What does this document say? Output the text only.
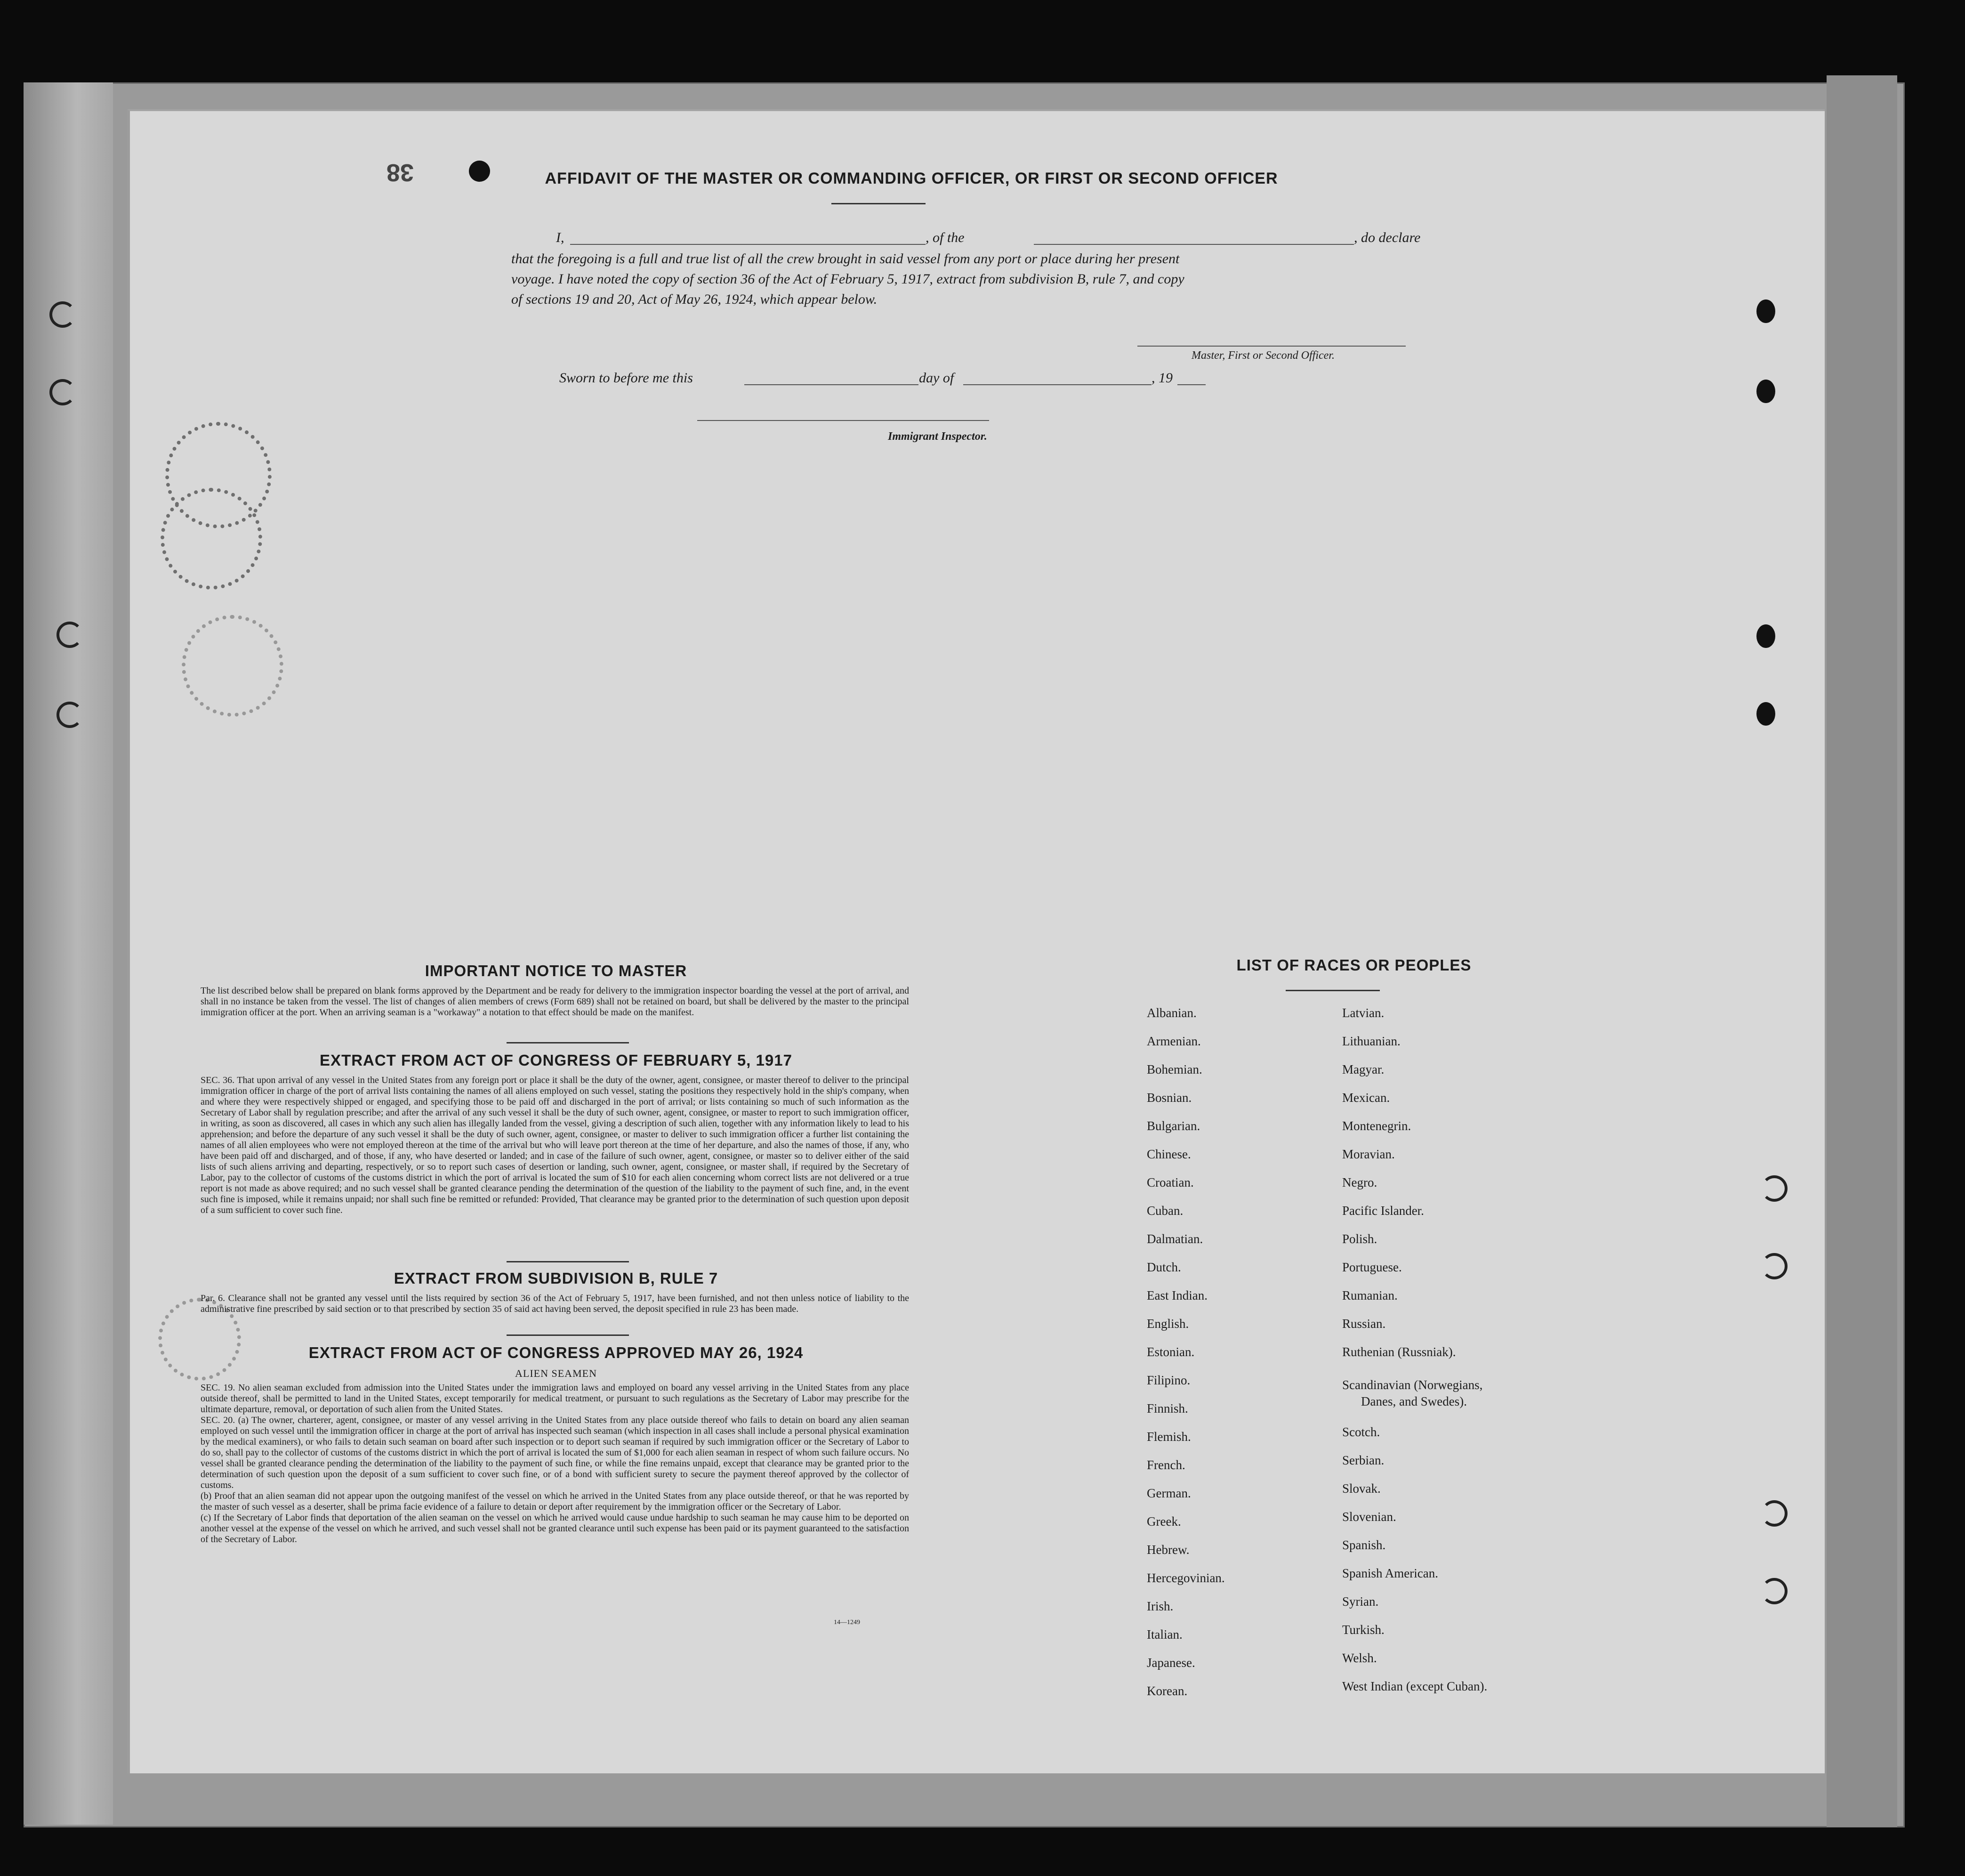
38	AFFIDAVIT OF THE MASTER OR COMMANDING OFFICER, OR FIRST OR SECOND OFFICER
I,	, of the	, do declare
that the foregoing is a full and true list of all the crew brought in said vessel from any port or place during her present
voyage. I have noted the copy of section 36 of the Act of February 5, 1917, extract from subdivision B, rule 7, and copy
of sections 19 and 20, Act of May 26, 1924, which appear below.
Master, First or Second Officer.
Sworn to before me this	day of	, 19
Immigrant Inspector.
IMPORTANT NOTICE TO MASTER
The list described below shall be prepared on blank forms approved by the Department and be ready for delivery to the immigration inspector boarding the vessel at the port of arrival, and shall in no instance be taken from the vessel. The list of changes of alien members of crews (Form 689) shall not be retained on board, but shall be delivered by the master to the principal immigration officer at the port. When an arriving seaman is a "workaway" a notation to that effect should be made on the manifest.
EXTRACT FROM ACT OF CONGRESS OF FEBRUARY 5, 1917
SEC. 36. That upon arrival of any vessel in the United States from any foreign port or place it shall be the duty of the owner, agent, consignee, or master thereof to deliver to the principal immigration officer in charge of the port of arrival lists containing the names of all aliens employed on such vessel, stating the positions they respectively hold in the ship's company, when and where they were respectively shipped or engaged, and specifying those to be paid off and discharged in the port of arrival; or lists containing so much of such information as the Secretary of Labor shall by regulation prescribe; and after the arrival of any such vessel it shall be the duty of such owner, agent, consignee, or master to report to such immigration officer, in writing, as soon as discovered, all cases in which any such alien has illegally landed from the vessel, giving a description of such alien, together with any information likely to lead to his apprehension; and before the departure of any such vessel it shall be the duty of such owner, agent, consignee, or master to deliver to such immigration officer a further list containing the names of all alien employees who were not employed thereon at the time of the arrival but who will leave port thereon at the time of her departure, and also the names of those, if any, who have been paid off and discharged, and of those, if any, who have deserted or landed; and in case of the failure of such owner, agent, consignee, or master so to deliver either of the said lists of such aliens arriving and departing, respectively, or so to report such cases of desertion or landing, such owner, agent, consignee, or master shall, if required by the Secretary of Labor, pay to the collector of customs of the customs district in which the port of arrival is located the sum of $10 for each alien concerning whom correct lists are not delivered or a true report is not made as above required; and no such vessel shall be granted clearance pending the determination of the question of the liability to the payment of such fine, and, in the event such fine is imposed, while it remains unpaid; nor shall such fine be remitted or refunded: Provided, That clearance may be granted prior to the determination of such question upon deposit of a sum sufficient to cover such fine.
EXTRACT FROM SUBDIVISION B, RULE 7
Par. 6. Clearance shall not be granted any vessel until the lists required by section 36 of the Act of February 5, 1917, have been furnished, and not then unless notice of liability to the administrative fine prescribed by said section or to that prescribed by section 35 of said act having been served, the deposit specified in rule 23 has been made.
EXTRACT FROM ACT OF CONGRESS APPROVED MAY 26, 1924
ALIEN SEAMEN
SEC. 19. No alien seaman excluded from admission into the United States under the immigration laws and employed on board any vessel arriving in the United States from any place outside thereof, shall be permitted to land in the United States, except temporarily for medical treatment, or pursuant to such regulations as the Secretary of Labor may prescribe for the ultimate departure, removal, or deportation of such alien from the United States.
SEC. 20. (a) The owner, charterer, agent, consignee, or master of any vessel arriving in the United States from any place outside thereof who fails to detain on board any alien seaman employed on such vessel until the immigration officer in charge at the port of arrival has inspected such seaman (which inspection in all cases shall include a personal physical examination by the medical examiners), or who fails to detain such seaman on board after such inspection or to deport such seaman if required by such immigration officer or the Secretary of Labor to do so, shall pay to the collector of customs of the customs district in which the port of arrival is located the sum of $1,000 for each alien seaman in respect of whom such failure occurs. No vessel shall be granted clearance pending the determination of the liability to the payment of such fine, or while the fine remains unpaid, except that clearance may be granted prior to the determination of such question upon the deposit of a sum sufficient to cover such fine, or of a bond with sufficient surety to secure the payment thereof approved by the collector of customs.
(b) Proof that an alien seaman did not appear upon the outgoing manifest of the vessel on which he arrived in the United States from any place outside thereof, or that he was reported by the master of such vessel as a deserter, shall be prima facie evidence of a failure to detain or deport after requirement by the immigration officer or the Secretary of Labor.
(c) If the Secretary of Labor finds that deportation of the alien seaman on the vessel on which he arrived would cause undue hardship to such seaman he may cause him to be deported on another vessel at the expense of the vessel on which he arrived, and such vessel shall not be granted clearance until such expense has been paid or its payment guaranteed to the satisfaction of the Secretary of Labor.
14—1249
LIST OF RACES OR PEOPLES
Albanian.
Armenian.
Bohemian.
Bosnian.
Bulgarian.
Chinese.
Croatian.
Cuban.
Dalmatian.
Dutch.
East Indian.
English.
Estonian.
Filipino.
Finnish.
Flemish.
French.
German.
Greek.
Hebrew.
Hercegovinian.
Irish.
Italian.
Japanese.
Korean.
Latvian.
Lithuanian.
Magyar.
Mexican.
Montenegrin.
Moravian.
Negro.
Pacific Islander.
Polish.
Portuguese.
Rumanian.
Russian.
Ruthenian (Russniak).
Scandinavian (Norwegians,
Danes, and Swedes).
Scotch.
Serbian.
Slovak.
Slovenian.
Spanish.
Spanish American.
Syrian.
Turkish.
Welsh.
West Indian (except Cuban).
